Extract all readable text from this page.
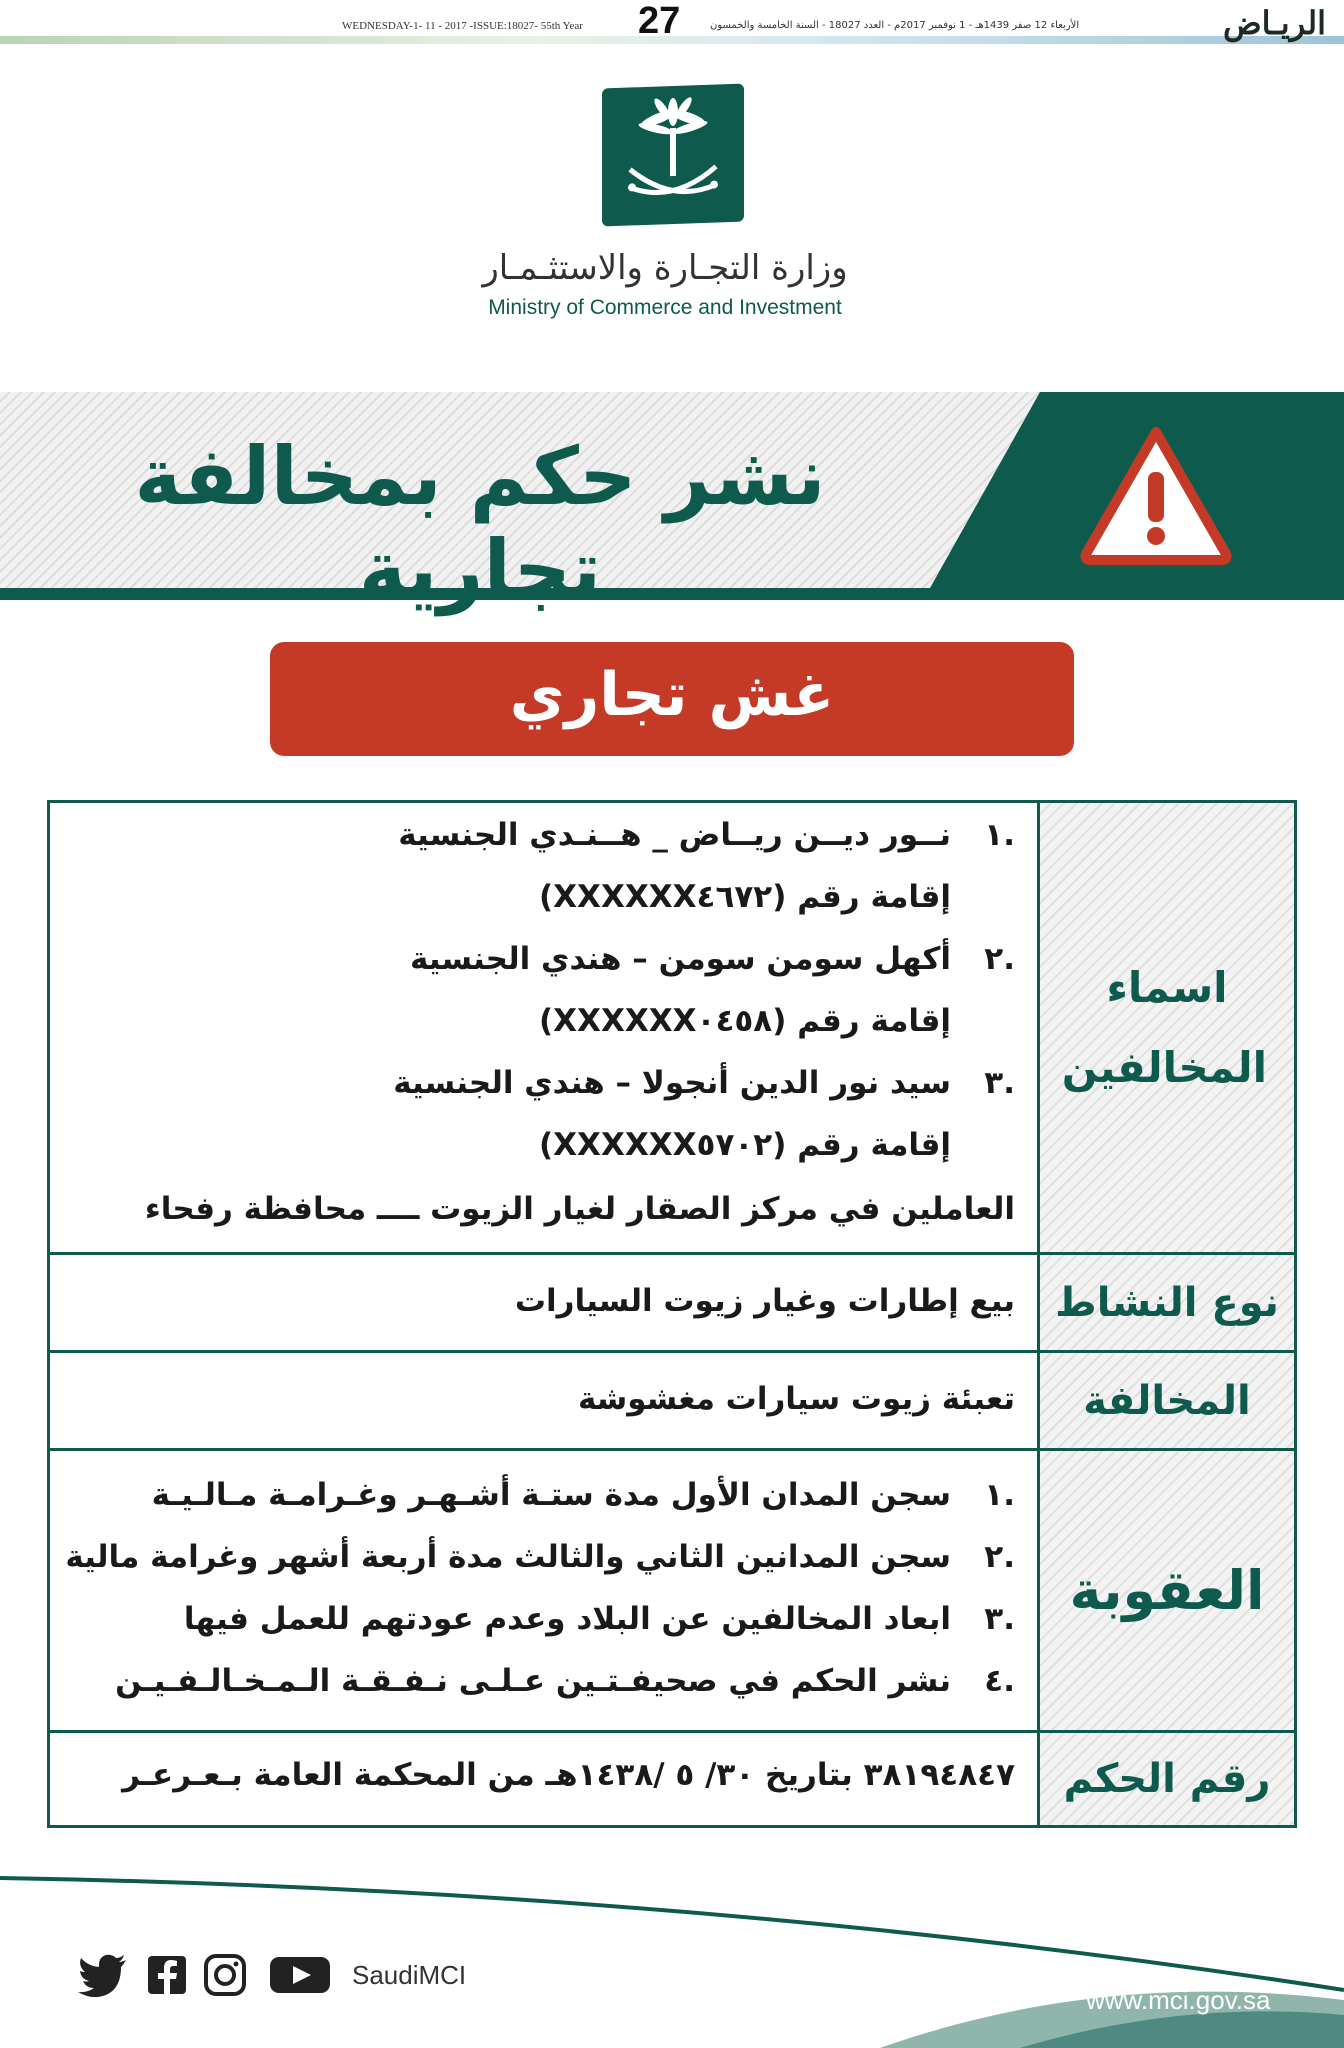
WEDNESDAY-1- 11 - 2017 -ISSUE:18027- 55th Year 27	الأربعاء 12 صفر 1439هـ - 1 نوفمبر 2017م - العدد 18027 - السنة الخامسة والخمسون	الريـاض
وزارة التجـارة والاستثـمـار
Ministry of Commerce and Investment
نشر حكم بمخالفة تجارية
غش تجاري
اسماء المخالفين
.١نــور ديــن ريــاض _ هــنـدي الجنسية
إقامة رقم (XXXXXX٤٦٧٢)
.٢أكهل سومن سومن – هندي الجنسية
إقامة رقم (XXXXXX٠٤٥٨)
.٣سيد نور الدين أنجولا – هندي الجنسية
إقامة رقم (XXXXXX٥٧٠٢)
العاملين في مركز الصقار لغيار الزيوت ــــ محافظة رفحاء
نوع النشاط
بيع إطارات وغيار زيوت السيارات
المخالفة
تعبئة زيوت سيارات مغشوشة
العقوبة
.١سجن المدان الأول مدة ستـة أشـهـر وغـرامـة مـالـيـة
.٢سجن المدانين الثاني والثالث مدة أربعة أشهر وغرامة مالية
.٣ابعاد المخالفين عن البلاد وعدم عودتهم للعمل فيها
.٤نشر الحكم في صحيفـتـين عـلـى نـفـقـة الـمـخـالـفـيـن
رقم الحكم
٣٨١٩٤٨٤٧ بتاريخ ٣٠/ ٥ /١٤٣٨هـ من المحكمة العامة بـعـرعـر
SaudiMCI
www.mci.gov.sa
